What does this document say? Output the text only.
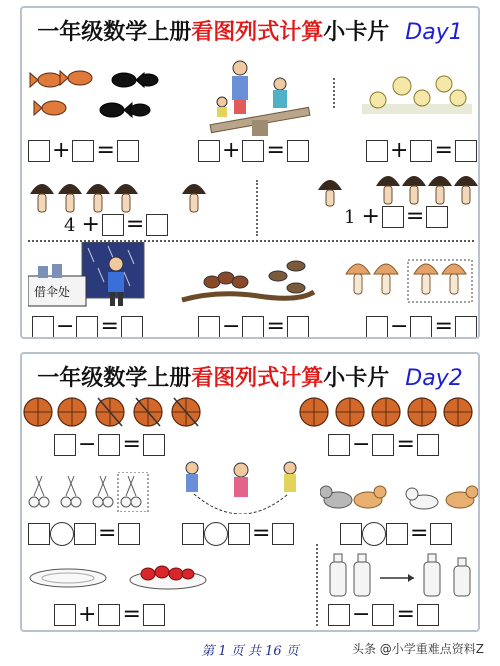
一年级数学上册看图列式计算小卡片 Day1
+ =	+ =	+ =
4 + =	1 + =
借伞处
− =	− =	− =
一年级数学上册看图列式计算小卡片 Day2
− =	− =
=	=	=
+ =	− =
第 1 页 共 16 页	头条 @小学重难点资料Z
